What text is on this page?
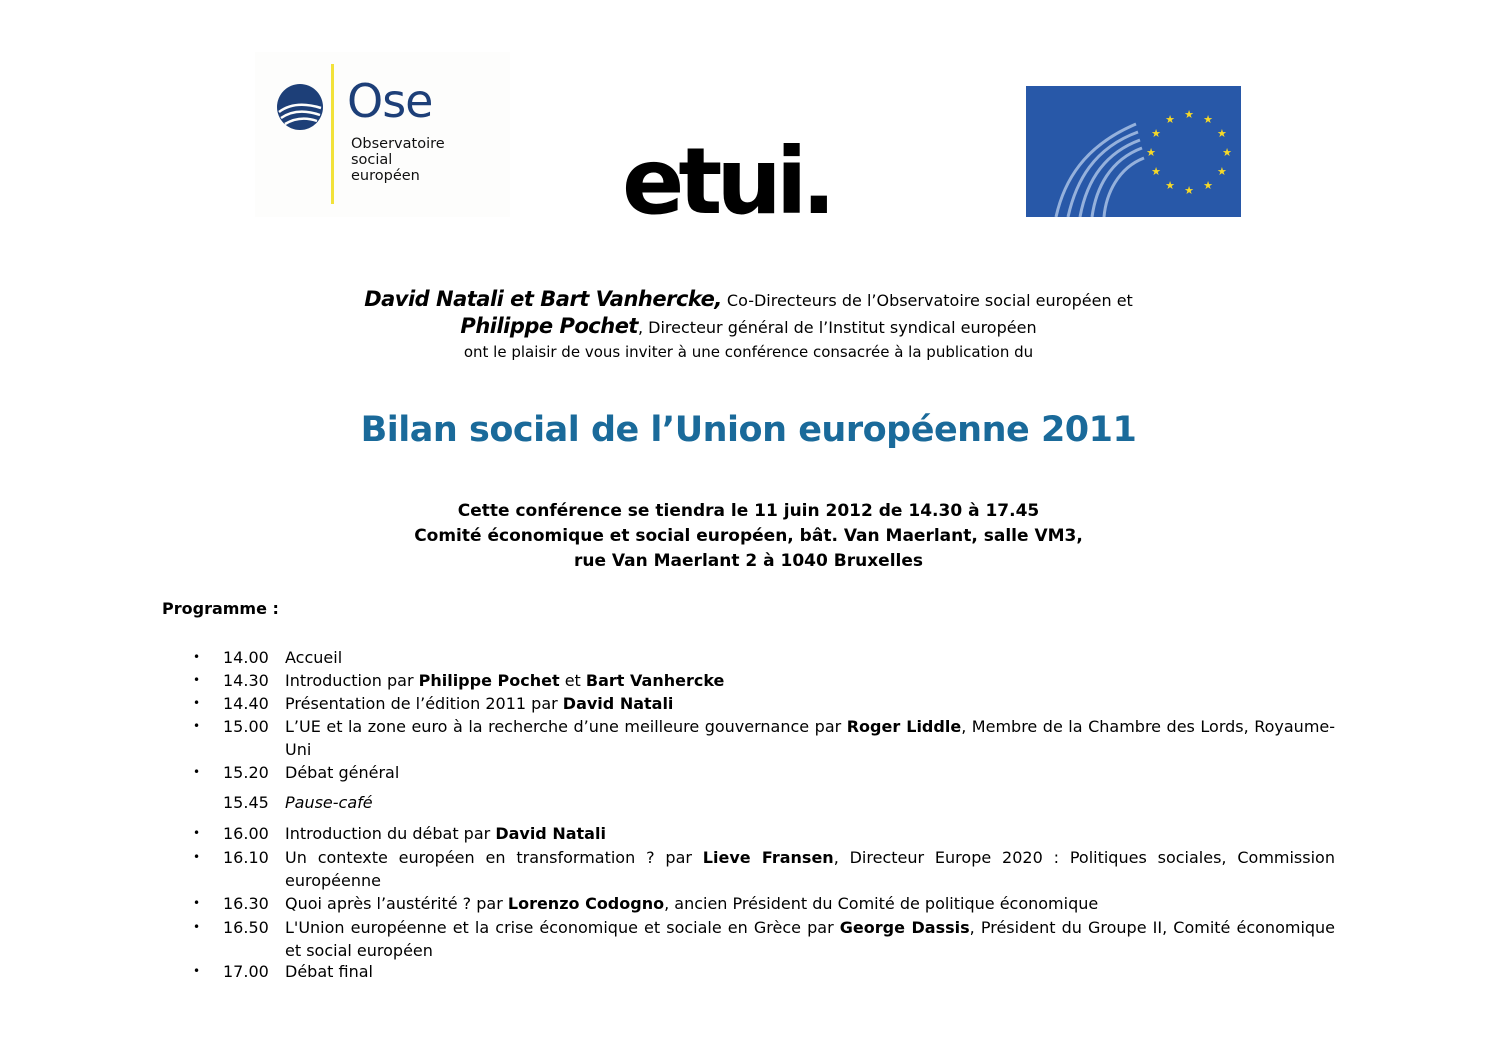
Ose
Observatoire
social
européen etui.
★ ★
★
★
★
★
★
★
★
★
★
★
David Natali et Bart Vanhercke, Co-Directeurs de l’Observatoire social européen et
Philippe Pochet, Directeur général de l’Institut syndical européen
ont le plaisir de vous inviter à une conférence consacrée à la publication du
Bilan social de l’Union européenne 2011
Cette conférence se tiendra le 11 juin 2012 de 14.30 à 17.45
Comité économique et social européen, bât. Van Maerlant, salle VM3,
rue Van Maerlant 2 à 1040 Bruxelles
Programme :
• 14.00 Accueil
• 14.30 Introduction par Philippe Pochet et Bart Vanhercke
• 14.40 Présentation de l’édition 2011 par David Natali
• 15.00 L’UE et la zone euro à la recherche d’une meilleure gouvernance par Roger Liddle, Membre de la Chambre des Lords, Royaume-Uni
• 15.20 Débat général
15.45 Pause-café
• 16.00 Introduction du débat par David Natali
• 16.10 Un contexte européen en transformation ? par Lieve Fransen, Directeur Europe 2020 : Politiques sociales, Commission européenne
• 16.30 Quoi après l’austérité ? par Lorenzo Codogno, ancien Président du Comité de politique économique
• 16.50 L'Union européenne et la crise économique et sociale en Grèce par George Dassis, Président du Groupe II, Comité économique et social européen
• 17.00 Débat final
